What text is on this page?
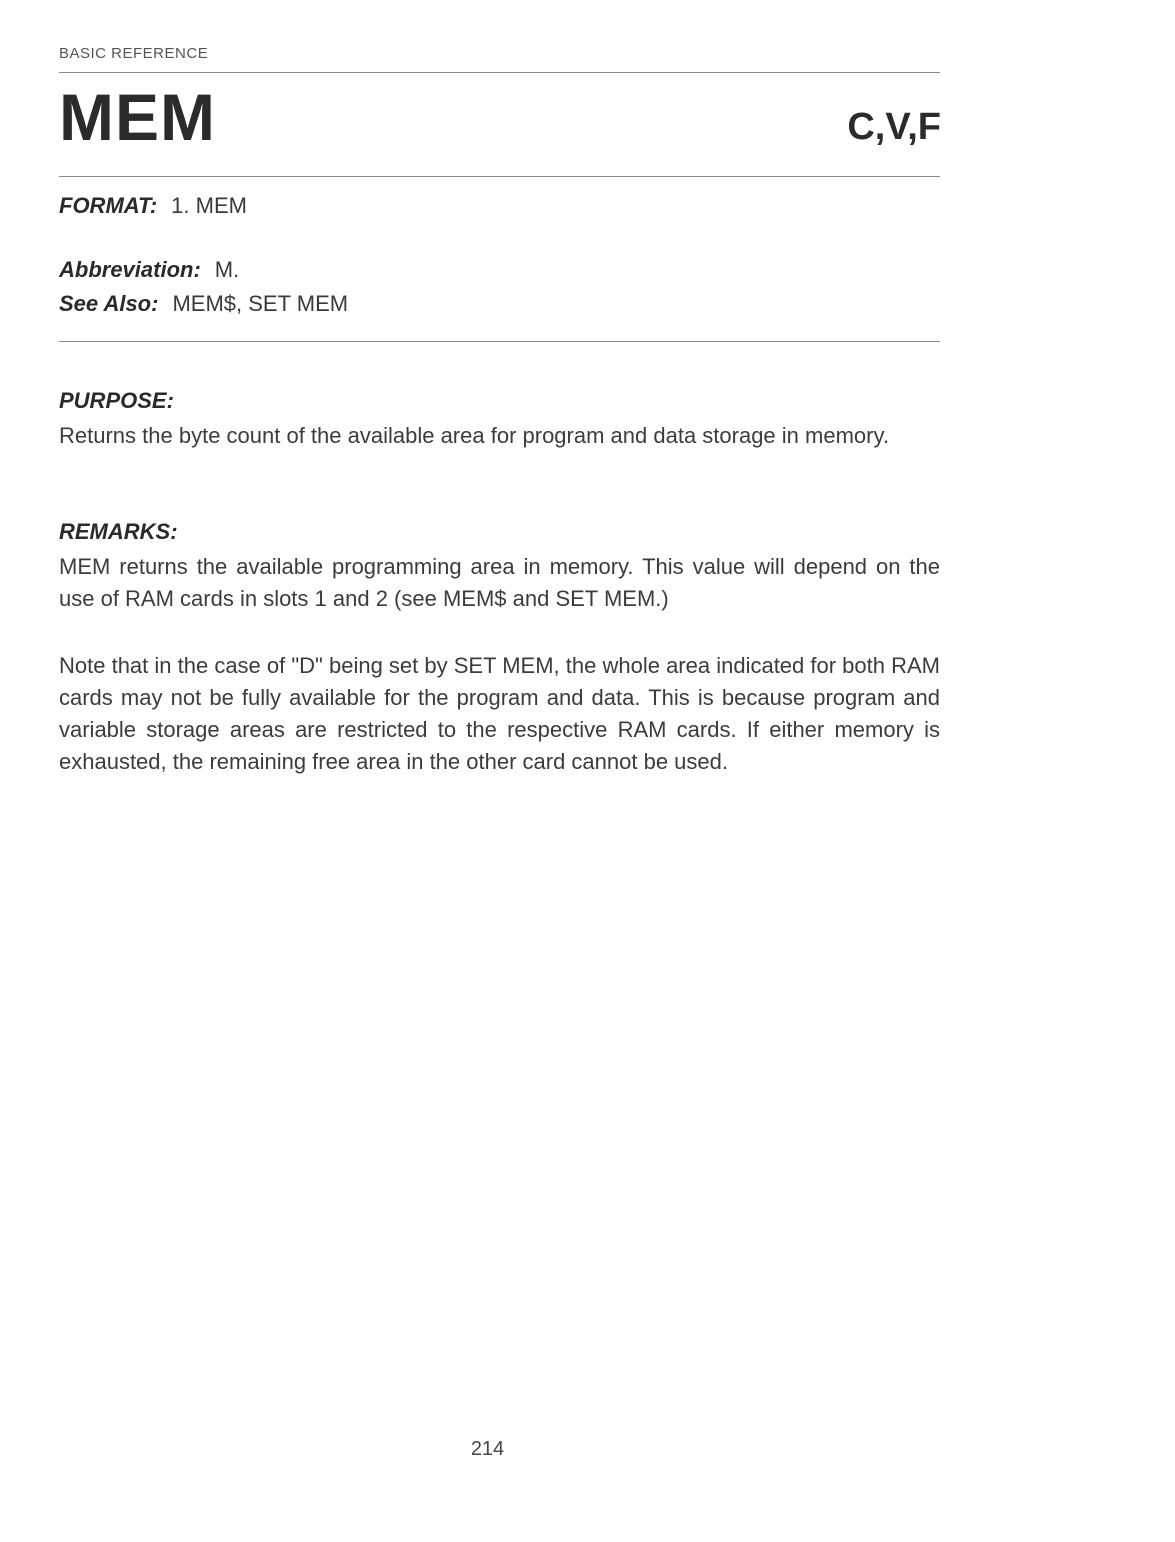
BASIC REFERENCE
MEM	C,V,F
FORMAT: 1. MEM
Abbreviation: M.
See Also: MEM$, SET MEM
PURPOSE:
Returns the byte count of the available area for program and data storage in memory.
REMARKS:
MEM returns the available programming area in memory. This value will depend on the use of RAM cards in slots 1 and 2 (see MEM$ and SET MEM.)
Note that in the case of "D" being set by SET MEM, the whole area indicated for both RAM cards may not be fully available for the program and data. This is because program and variable storage areas are restricted to the respective RAM cards. If either memory is exhausted, the remaining free area in the other card cannot be used.
214
